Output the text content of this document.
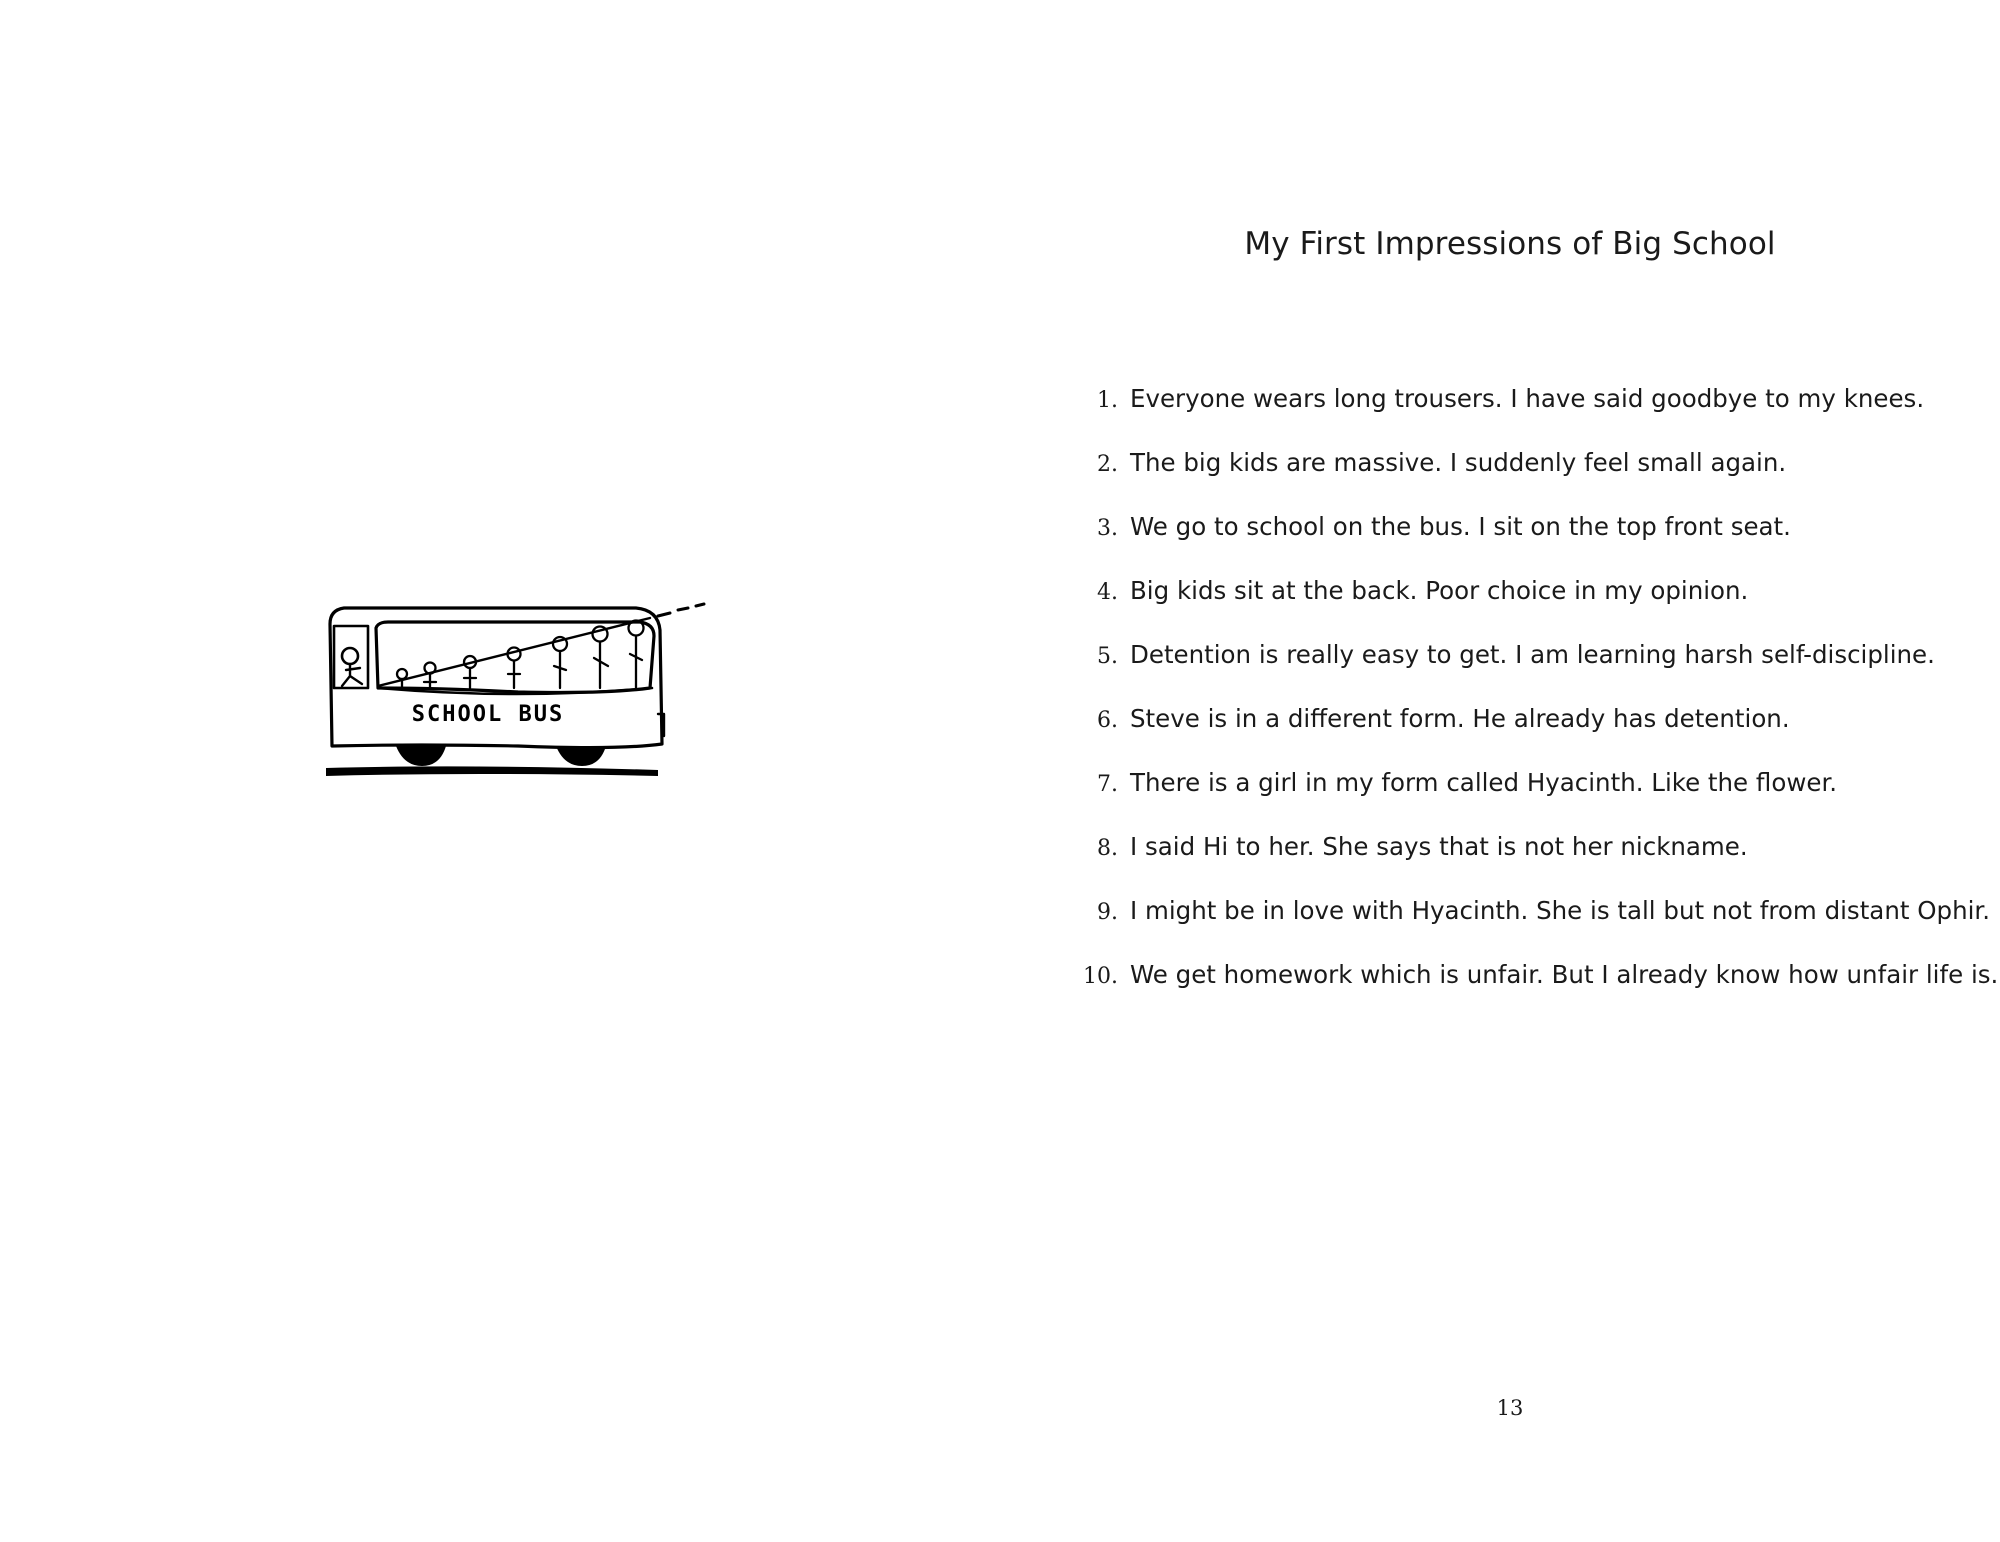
SCHOOL BUS
My First Impressions of Big School
1. Everyone wears long trousers. I have said goodbye to my knees.
2. The big kids are massive. I suddenly feel small again.
3. We go to school on the bus. I sit on the top front seat.
4. Big kids sit at the back. Poor choice in my opinion.
5. Detention is really easy to get. I am learning harsh self-discipline.
6. Steve is in a different form. He already has detention.
7. There is a girl in my form called Hyacinth. Like the flower.
8. I said Hi to her. She says that is not her nickname.
9. I might be in love with Hyacinth. She is tall but not from distant Ophir.
10. We get homework which is unfair. But I already know how unfair life is.
13
